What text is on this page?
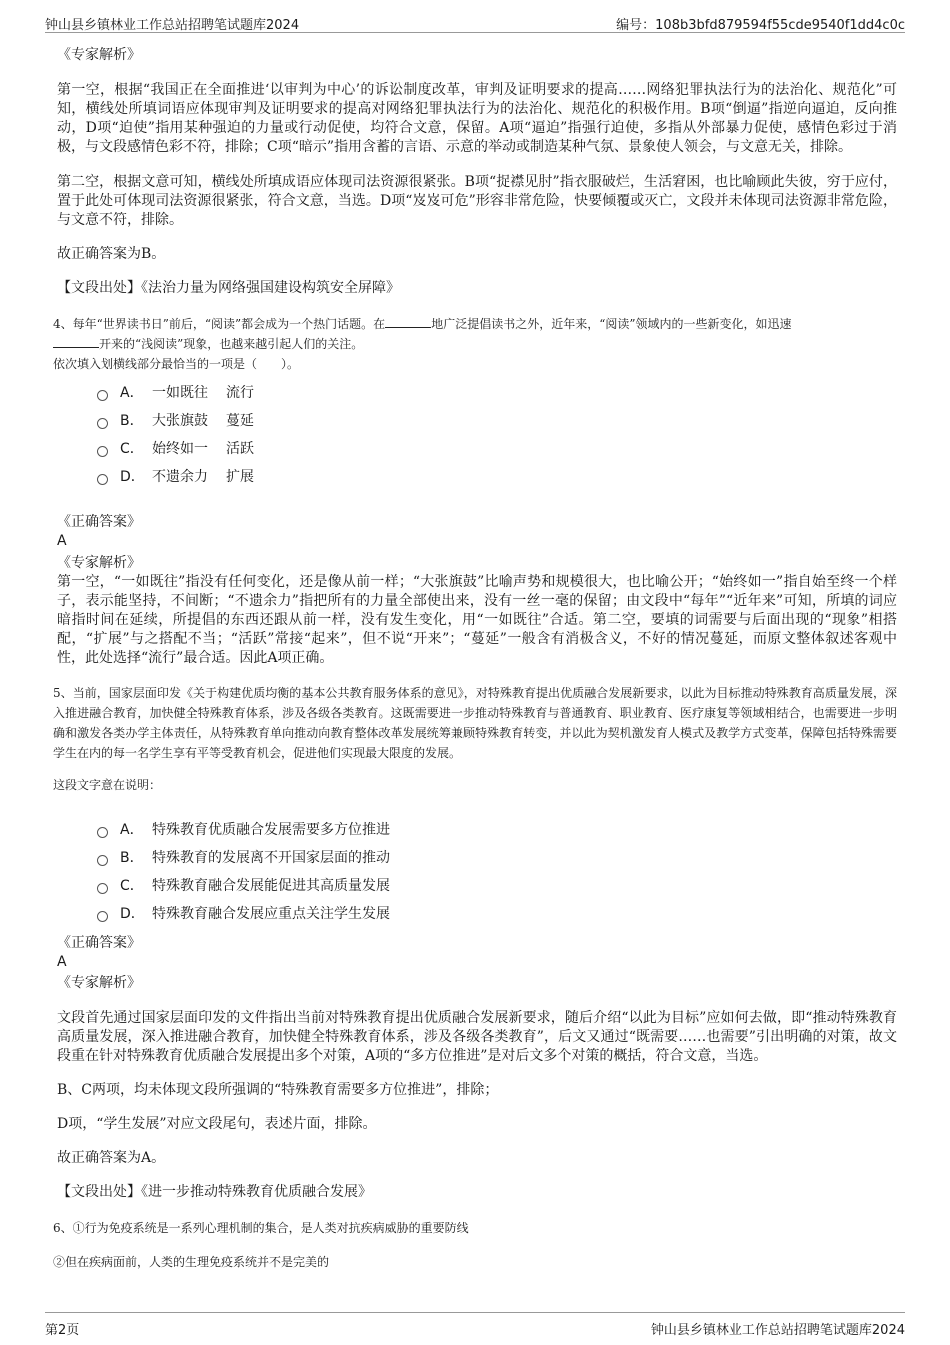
钟山县乡镇林业工作总站招聘笔试题库2024	编号：108b3bfd879594f55cde9540f1dd4c0c

《专家解析》

第一空，根据“我国正在全面推进‘以审判为中心’的诉讼制度改革，审判及证明要求的提高……网络犯罪执法行为的法治化、规范化”可知，横线处所填词语应体现审判及证明要求的提高对网络犯罪执法行为的法治化、规范化的积极作用。B项“倒逼”指逆向逼迫，反向推动，D项“迫使”指用某种强迫的力量或行动促使，均符合文意，保留。A项“逼迫”指强行迫使，多指从外部暴力促使，感情色彩过于消极，与文段感情色彩不符，排除；C项“暗示”指用含蓄的言语、示意的举动或制造某种气氛、景象使人领会，与文意无关，排除。

第二空，根据文意可知，横线处所填成语应体现司法资源很紧张。B项“捉襟见肘”指衣服破烂，生活窘困，也比喻顾此失彼，穷于应付，置于此处可体现司法资源很紧张，符合文意，当选。D项“岌岌可危”形容非常危险，快要倾覆或灭亡，文段并未体现司法资源非常危险，与文意不符，排除。

故正确答案为B。

【文段出处】《法治力量为网络强国建设构筑安全屏障》

4、每年“世界读书日”前后，“阅读”都会成为一个热门话题。在	地广泛提倡读书之外，近年来，“阅读”领域内的一些新变化，如迅速
开来的“浅阅读”现象，也越来越引起人们的关注。

依次填入划横线部分最恰当的一项是（　　）。

A． 一如既往 流行
B． 大张旗鼓 蔓延
C． 始终如一 活跃
D． 不遗余力 扩展

《正确答案》

A

《专家解析》

第一空，“一如既往”指没有任何变化，还是像从前一样；“大张旗鼓”比喻声势和规模很大，也比喻公开；“始终如一”指自始至终一个样子，表示能坚持，不间断；“不遗余力”指把所有的力量全部使出来，没有一丝一毫的保留；由文段中“每年”“近年来”可知，所填的词应暗指时间在延续，所提倡的东西还跟从前一样，没有发生变化，用“一如既往”合适。第二空，要填的词需要与后面出现的“现象”相搭配，“扩展”与之搭配不当；“活跃”常接“起来”，但不说“开来”；“蔓延”一般含有消极含义，不好的情况蔓延，而原文整体叙述客观中性，此处选择“流行”最合适。因此A项正确。

5、当前，国家层面印发《关于构建优质均衡的基本公共教育服务体系的意见》，对特殊教育提出优质融合发展新要求，以此为目标推动特殊教育高质量发展，深入推进融合教育，加快健全特殊教育体系，涉及各级各类教育。这既需要进一步推动特殊教育与普通教育、职业教育、医疗康复等领域相结合，也需要进一步明确和激发各类办学主体责任，从特殊教育单向推动向教育整体改革发展统筹兼顾特殊教育转变，并以此为契机激发育人模式及教学方式变革，保障包括特殊需要学生在内的每一名学生享有平等受教育机会，促进他们实现最大限度的发展。

这段文字意在说明：

A． 特殊教育优质融合发展需要多方位推进
B． 特殊教育的发展离不开国家层面的推动
C． 特殊教育融合发展能促进其高质量发展
D． 特殊教育融合发展应重点关注学生发展

《正确答案》

A

《专家解析》

文段首先通过国家层面印发的文件指出当前对特殊教育提出优质融合发展新要求，随后介绍“以此为目标”应如何去做，即“推动特殊教育高质量发展，深入推进融合教育，加快健全特殊教育体系，涉及各级各类教育”，后文又通过“既需要……也需要”引出明确的对策，故文段重在针对特殊教育优质融合发展提出多个对策，A项的“多方位推进”是对后文多个对策的概括，符合文意，当选。

B、C两项，均未体现文段所强调的“特殊教育需要多方位推进”，排除；

D项，“学生发展”对应文段尾句，表述片面，排除。

故正确答案为A。

【文段出处】《进一步推动特殊教育优质融合发展》

6、①行为免疫系统是一系列心理机制的集合，是人类对抗疾病威胁的重要防线

②但在疾病面前，人类的生理免疫系统并不是完美的

第2页	钟山县乡镇林业工作总站招聘笔试题库2024
